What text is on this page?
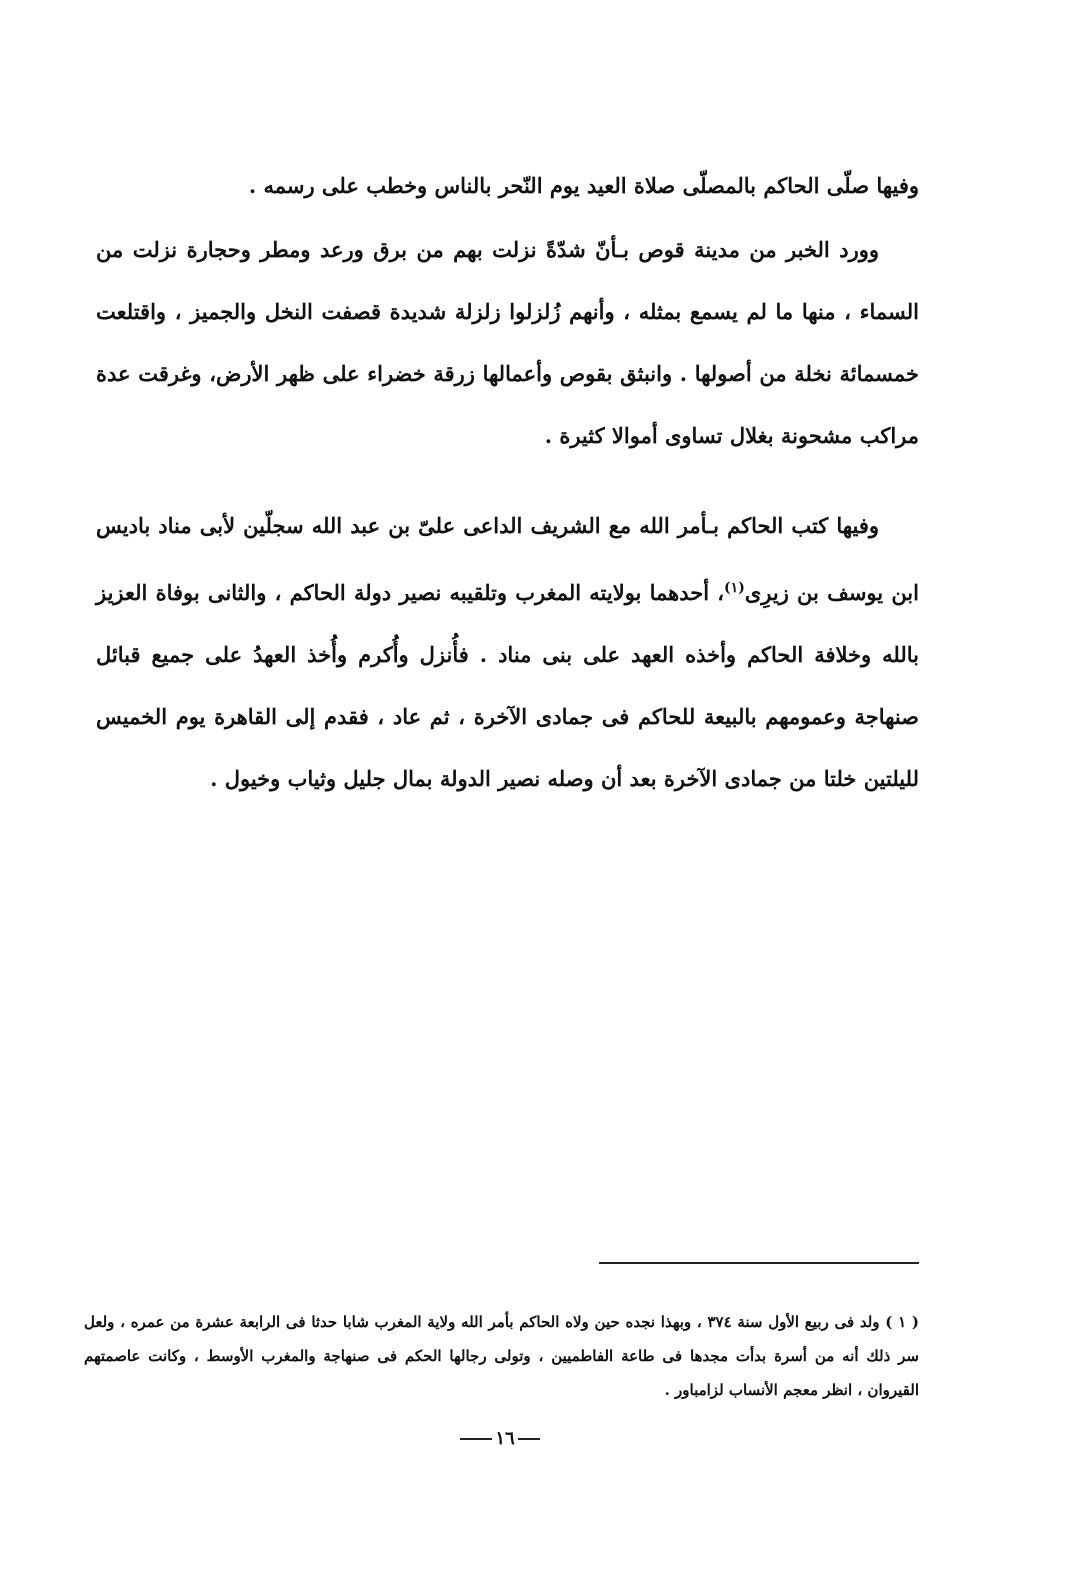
وفيها صلّى الحاكم بالمصلّى صلاة العيد يوم النّحر بالناس وخطب على رسمه .

وورد الخبر من مدينة قوص بـأنّ شدّةً نزلت بهم من برق ورعد ومطر وحجارة نزلت من السماء ، منها ما لم يسمع بمثله ، وأنهم زُلزلوا زلزلة شديدة قصفت النخل والجميز ، واقتلعت خمسمائة نخلة من أصولها . وانبثق بقوص وأعمالها زرقة خضراء على ظهر الأرض، وغرقت عدة مراكب مشحونة بغلال تساوى أموالا كثيرة .

وفيها كتب الحاكم بـأمر الله مع الشريف الداعى علىّ بن عبد الله سجلّين لأبى مناد باديس ابن يوسف بن زيرِى$^{(١)}$، أحدهما بولايته المغرب وتلقيبه نصير دولة الحاكم ، والثانى بوفاة العزيز بالله وخلافة الحاكم وأخذه العهد على بنى مناد . فأُنزل وأُكرم وأُخذ العهدُ على جميع قبائل صنهاجة وعمومهم بالبيعة للحاكم فى جمادى الآخرة ، ثم عاد ، فقدم إلى القاهرة يوم الخميس لليلتين خلتا من جمادى الآخرة بعد أن وصله نصير الدولة بمال جليل وثياب وخيول .

( ١ ) ولد فى ربيع الأول سنة ٣٧٤ ، وبهذا نجده حين ولاه الحاكم بأمر الله ولاية المغرب شابا حدثا فى الرابعة عشرة من عمره ، ولعل سر ذلك أنه من أسرة بدأت مجدها فى طاعة الفاطميين ، وتولى رجالها الحكم فى صنهاجة والمغرب الأوسط ، وكانت عاصمتهم القيروان ، انظر معجم الأنساب لزامباور .

١٦
